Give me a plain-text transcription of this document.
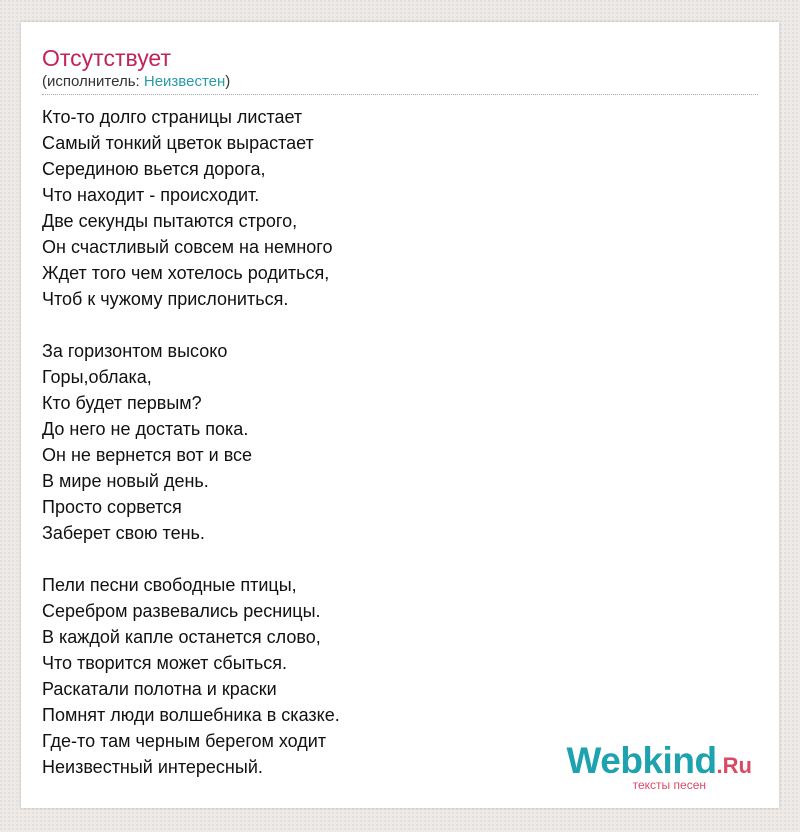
Отсутствует
(исполнитель: Неизвестен)
Кто-то долго страницы листает
Самый тонкий цветок вырастает
Серединою вьется дорога,
Что находит - происходит.
Две секунды пытаются строго,
Он счастливый совсем на немного
Ждет того чем хотелось родиться,
Чтоб к чужому прислониться.
За горизонтом высоко
Горы,облака,
Кто будет первым?
До него не достать пока.
Он не вернется вот и все
В мире новый день.
Просто сорвется
Заберет свою тень.
Пели песни свободные птицы,
Серебром развевались ресницы.
В каждой капле останется слово,
Что творится может сбыться.
Раскатали полотна и краски
Помнят люди волшебника в сказке.
Где-то там черным берегом ходит
Неизвестный интересный.	Webkind.Ru
тексты песен
